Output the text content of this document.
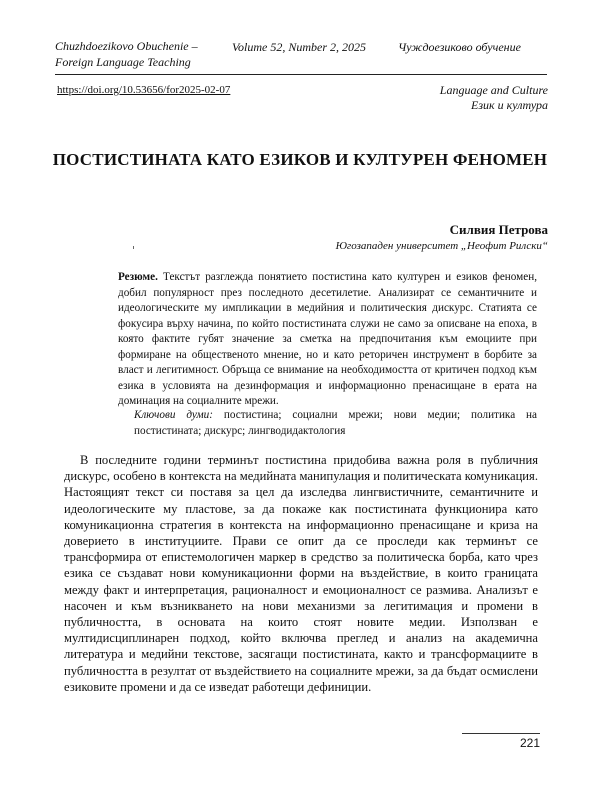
Chuzhdoezikovo Obuchenie –
Foreign Language Teaching
Volume 52, Number 2, 2025	Чуждоезиково обучение
https://doi.org/10.53656/for2025-02-07	Language and Culture
Език и култура
ПОСТИСТИНАТА КАТО ЕЗИКОВ И КУЛТУРЕН ФЕНОМЕН
Силвия Петрова
Югозападен университет „Неофит Рилски“
Резюме. Текстът разглежда понятието постистина като културен и езиков феномен, добил популярност през последното десетилетие. Анализират се семантичните и идеологическите му импликации в медийния и политическия дискурс. Статията се фокусира върху начина, по който постистината служи не само за описване на епоха, в която фактите губят значение за сметка на предпочитания към емоциите при формиране на общественото мнение, но и като реторичен инструмент в борбите за власт и легитимност. Обръща се внимание на необходимостта от критичен подход към езика в условията на дезинформация и информационно пренасищане в ерата на доминация на социалните мрежи.
Ключови думи: постистина; социални мрежи; нови медии; политика на постистината; дискурс; лингводидактология
В последните години терминът постистина придобива важна роля в публичния дискурс, особено в контекста на медийната манипулация и политическата комуникация. Настоящият текст си поставя за цел да изследва лингвистичните, семантичните и идеологическите му пластове, за да покаже как постистината функционира като комуникационна стратегия в контекста на информационно пренасищане и криза на доверието в институциите. Прави се опит да се проследи как терминът се трансформира от епистемологичен маркер в средство за политическа борба, като чрез езика се създават нови комуникационни форми на въздействие, в които границата между факт и интерпретация, рационалност и емоционалност се размива. Анализът е насочен и към възникването на нови механизми за легитимация и промени в публичността, в основата на които стоят новите медии. Използван е мултидисциплинарен подход, който включва преглед и анализ на академична литература и медийни текстове, засягащи постистината, както и трансформациите в публичността в резултат от въздействието на социалните мрежи, за да бъдат осмислени езиковите промени и да се изведат работещи дефиниции.
221
